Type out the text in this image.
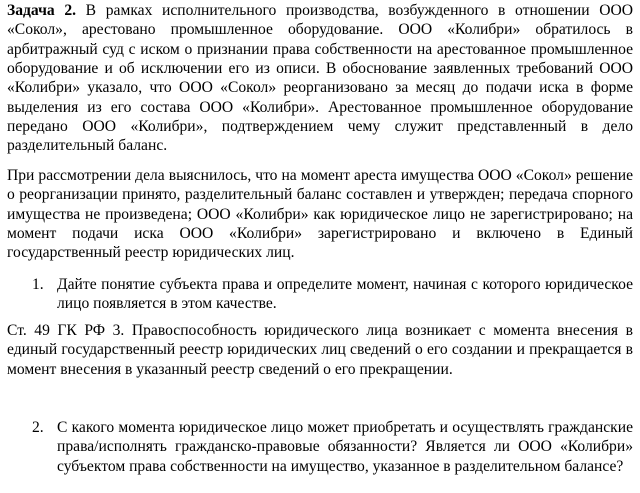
Задача 2. В рамках исполнительного производства, возбужденного в отношении ООО «Сокол», арестовано промышленное оборудование. ООО «Колибри» обратилось в арбитражный суд с иском о признании права собственности на арестованное промышленное оборудование и об исключении его из описи. В обоснование заявленных требований ООО «Колибри» указало, что ООО «Сокол» реорганизовано за месяц до подачи иска в форме выделения из его состава ООО «Колибри». Арестованное промышленное оборудование передано ООО «Колибри», подтверждением чему служит представленный в дело разделительный баланс.

При рассмотрении дела выяснилось, что на момент ареста имущества ООО «Сокол» решение о реорганизации принято, разделительный баланс составлен и утвержден; передача спорного имущества не произведена; ООО «Колибри» как юридическое лицо не зарегистрировано; на момент подачи иска ООО «Колибри» зарегистрировано и включено в Единый государственный реестр юридических лиц.

1. Дайте понятие субъекта права и определите момент, начиная с которого юридическое лицо появляется в этом качестве.

Ст. 49 ГК РФ 3. Правоспособность юридического лица возникает с момента внесения в единый государственный реестр юридических лиц сведений о его создании и прекращается в момент внесения в указанный реестр сведений о его прекращении.

2. С какого момента юридическое лицо может приобретать и осуществлять гражданские права/исполнять гражданско-правовые обязанности? Является ли ООО «Колибри» субъектом права собственности на имущество, указанное в разделительном балансе?
